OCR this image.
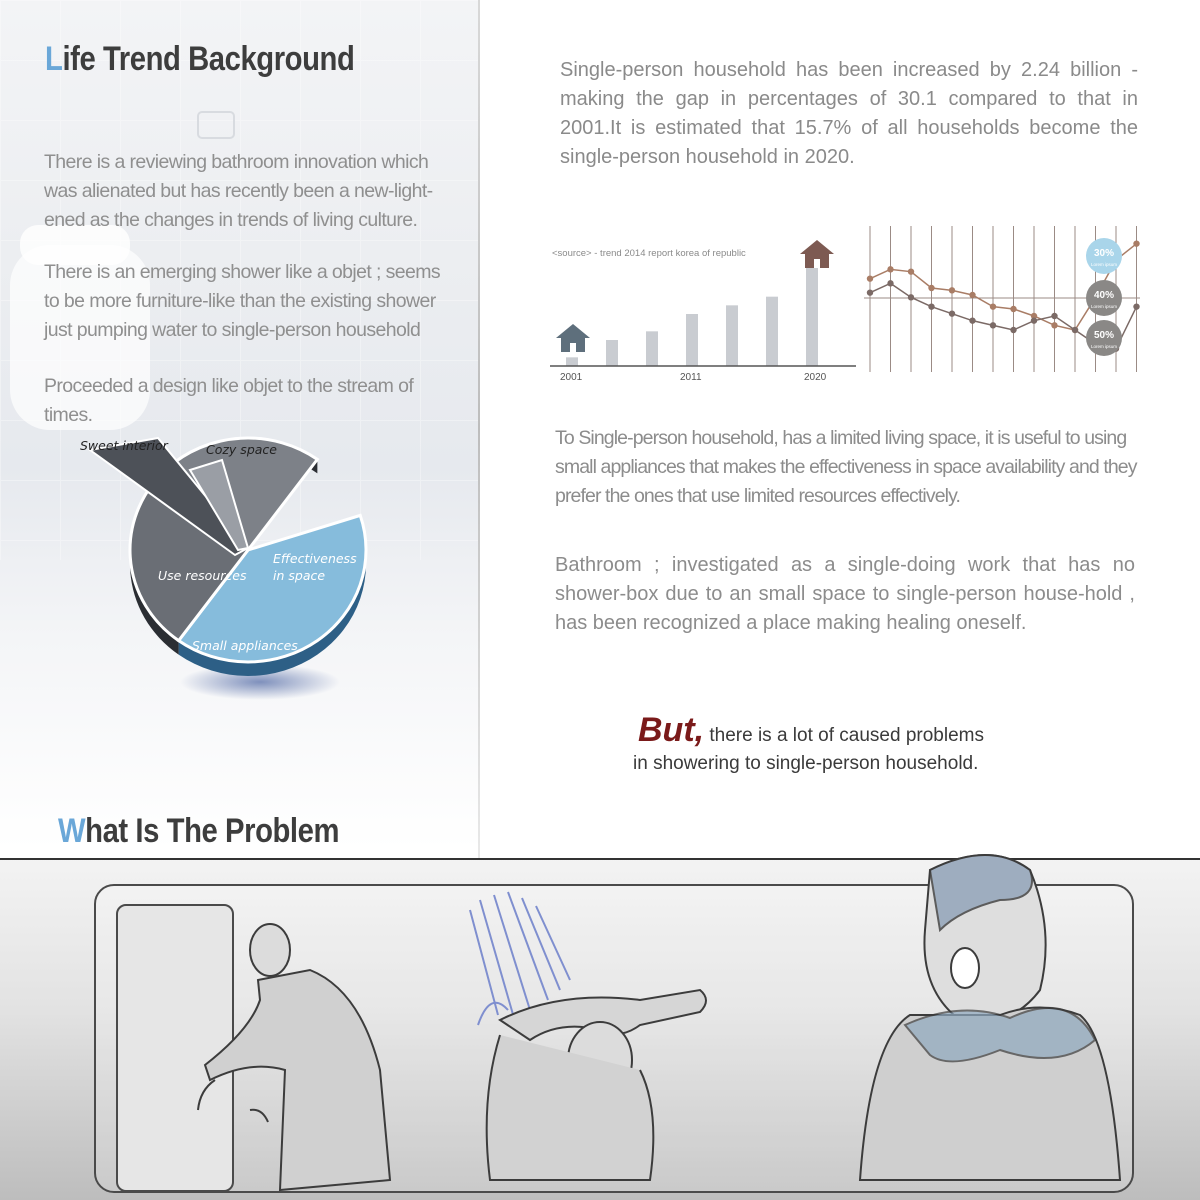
Life Trend Background
There is a reviewing bathroom innovation which was alienated but has recently been a new-light-ened as the changes in trends of living culture.
There is an emerging shower like a objet ; seems to be more furniture-like than the existing shower just pumping water to single-person household
Proceeded a design like objet to the stream of times.
Sweet interior	Cozy space
Effectiveness in space
Use resources
Small appliances
Single-person household has been increased by 2.24 billion - making the gap in percentages of 30.1 compared to that in 2001.It is estimated that 15.7% of all households become the single-person household in 2020.
<source> - trend 2014 report korea of republic
2001	2011	2020
30%
Lorem ipsum
40%
Lorem ipsum
50%
Lorem ipsum
To Single-person household, has a limited living space, it is useful to using small appliances that makes the effectiveness in space availability and they prefer the ones that use limited resources effectively.
Bathroom ; investigated as a single-doing work that has no shower-box due to an small space to single-person house-hold , has been recognized a place making healing oneself.
But, there is a lot of caused problems
in showering to single-person household.
What Is The Problem
